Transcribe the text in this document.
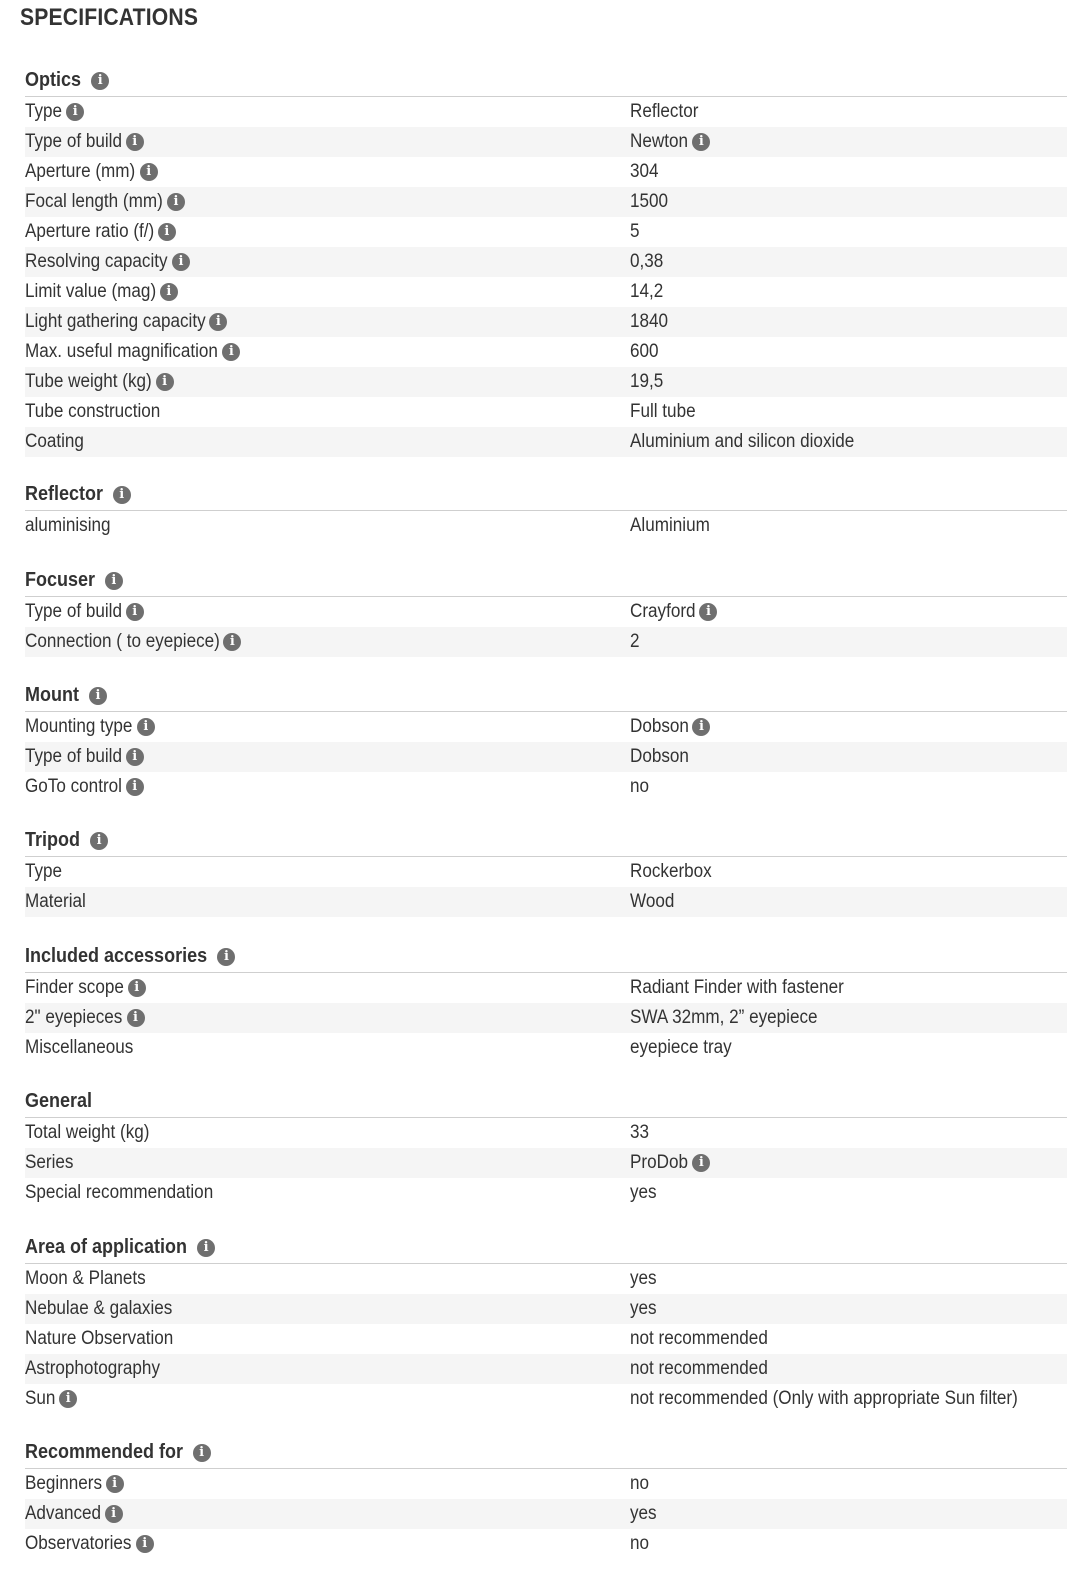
SPECIFICATIONS
Optics	i
Type i	Reflector
Type of build i	Newton i
Aperture (mm) i	304
Focal length (mm) i	1500
Aperture ratio (f/) i	5
Resolving capacity i	0,38
Limit value (mag) i	14,2
Light gathering capacity i	1840
Max. useful magnification i	600
Tube weight (kg) i	19,5
Tube construction	Full tube
Coating	Aluminium and silicon dioxide
Reflector	i
aluminising	Aluminium
Focuser	i
Type of build i	Crayford i
Connection ( to eyepiece) i	2
Mount	i
Mounting type i	Dobson i
Type of build i	Dobson
GoTo control i	no
Tripod	i
Type	Rockerbox
Material	Wood
Included accessories	i
Finder scope i	Radiant Finder with fastener
2" eyepieces i	SWA 32mm, 2” eyepiece
Miscellaneous	eyepiece tray
General
Total weight (kg)	33
Series	ProDob i
Special recommendation	yes
Area of application	i
Moon & Planets	yes
Nebulae & galaxies	yes
Nature Observation	not recommended
Astrophotography	not recommended
Sun i	not recommended (Only with appropriate Sun filter)
Recommended for	i
Beginners i	no
Advanced i	yes
Observatories i	no
